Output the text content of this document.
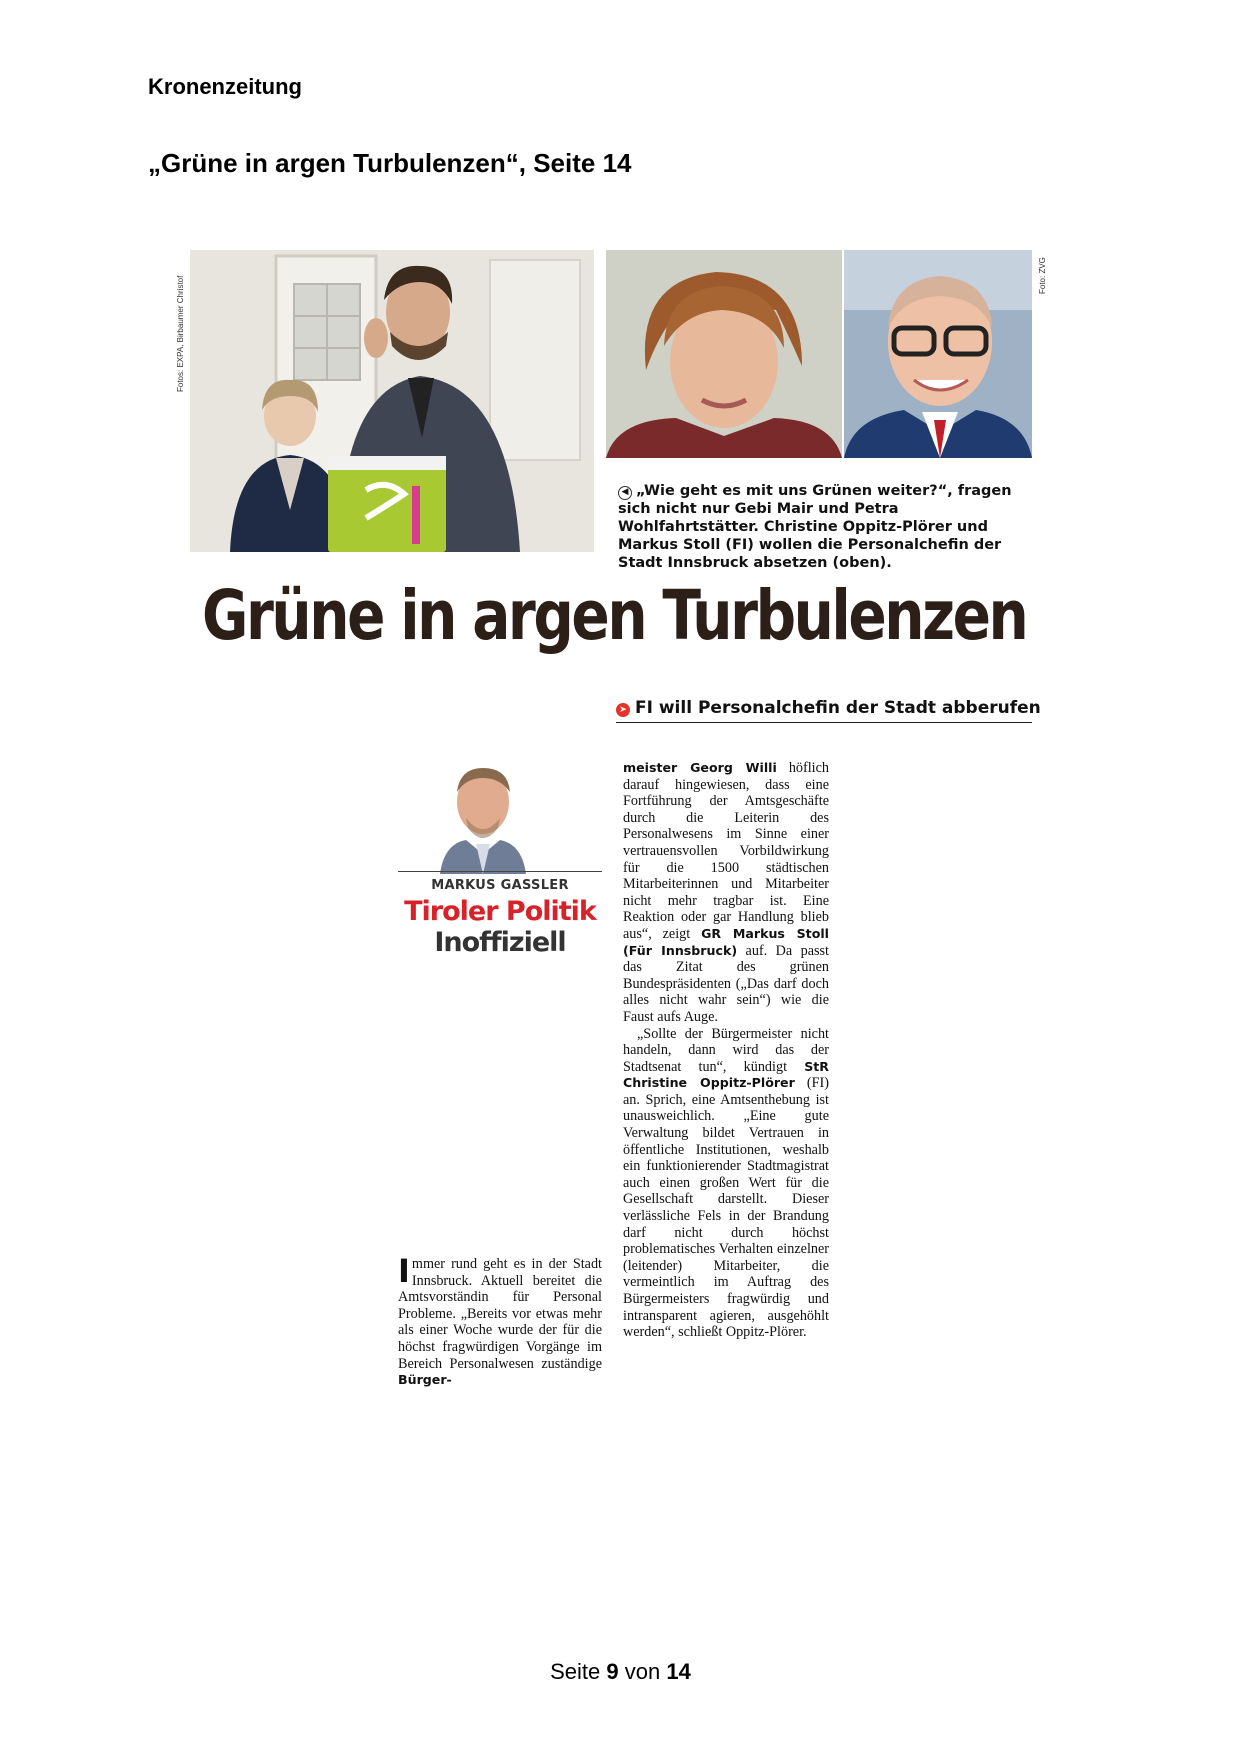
Kronenzeitung
„Grüne in argen Turbulenzen“, Seite 14
Fotos: EXPA, Birbaumer Christof
Foto: ZVG
◀ „Wie geht es mit uns Grünen weiter?“, fragen sich nicht nur Gebi Mair und Petra Wohlfahrtstätter. Christine Oppitz-Plörer und Markus Stoll (FI) wollen die Personalchefin der Stadt Innsbruck absetzen (oben).
Grüne in argen Turbulenzen
➤ FI will Personalchefin der Stadt abberufen
MARKUS GASSLER
Tiroler Politik
Inoffiziell

Immer rund geht es in der Stadt Innsbruck. Aktuell bereitet die Amtsvorständin für Personal Probleme. „Bereits vor etwas mehr als einer Woche wurde der für die höchst fragwürdigen Vorgänge im Bereich Personalwesen zuständige Bürger-

meister Georg Willi höflich darauf hingewiesen, dass eine Fortführung der Amtsgeschäfte durch die Leiterin des Personalwesens im Sinne einer vertrauensvollen Vorbildwirkung für die 1500 städtischen Mitarbeiterinnen und Mitarbeiter nicht mehr tragbar ist. Eine Reaktion oder gar Handlung blieb aus“, zeigt GR Markus Stoll (Für Innsbruck) auf. Da passt das Zitat des grünen Bundespräsidenten („Das darf doch alles nicht wahr sein“) wie die Faust aufs Auge.

„Sollte der Bürgermeister nicht handeln, dann wird das der Stadtsenat tun“, kündigt StR Christine Oppitz-Plörer (FI) an. Sprich, eine Amtsenthebung ist unausweichlich. „Eine gute Verwaltung bildet Vertrauen in öffentliche Institutionen, weshalb ein funktionierender Stadtmagistrat auch einen großen Wert für die Gesellschaft darstellt. Dieser verlässliche Fels in der Brandung darf nicht durch höchst problematisches Verhalten einzelner (leitender) Mitarbeiter, die vermeintlich im Auftrag des Bürgermeisters fragwürdig und intransparent agieren, ausgehöhlt werden“, schließt Oppitz-Plörer.

Seite 9 von 14
